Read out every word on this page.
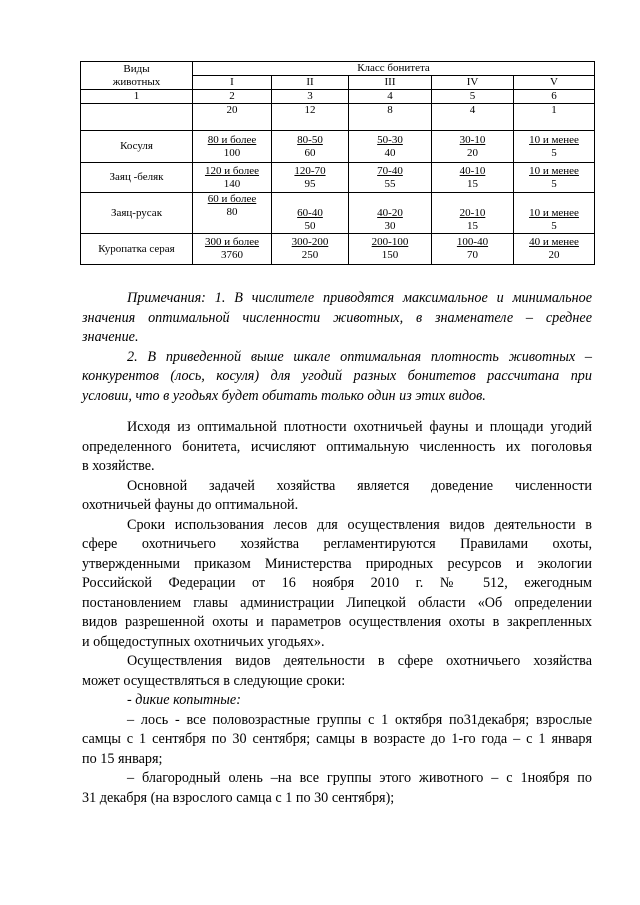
Виды
животных	Класс бонитета				
	I	II	III	IV	V
1	2	3	4	5	6
	20	12	8	4	1
Косуля	$\frac{\text{80 и более}}{100}$	$\frac{80-50}{60}$	$\frac{50-30}{40}$	$\frac{30-10}{20}$	$\frac{\text{10 и менее}}{5}$

Заяц -беляк	$\frac{\text{120 и более}}{140}$	$\frac{120-70}{95}$	$\frac{70-40}{55}$	$\frac{40-10}{15}$	$\frac{\text{10 и менее}}{5}$

Заяц-русак	$\frac{\text{60 и более}}{80}$	$\frac{60-40}{50}$	$\frac{40-20}{30}$	$\frac{20-10}{15}$	$\frac{\text{10 и менее}}{5}$

Куропатка серая	$\frac{\text{300 и более}}{3760}$	$\frac{300-200}{250}$	$\frac{200-100}{150}$	$\frac{100-40}{70}$	$\frac{\text{40 и менее}}{20}$
Примечания: 1. В числителе приводятся максимальное и минимальное
значения оптимальной численности животных, в знаменателе – среднее
значение.
2. В приведенной выше шкале оптимальная плотность животных –
конкурентов (лось, косуля) для угодий разных бонитетов рассчитана при
условии, что в угодьях будет обитать только один из этих видов.
Исходя из оптимальной плотности охотничьей фауны и площади угодий
определенного бонитета, исчисляют оптимальную численность их поголовья
в хозяйстве.
Основной задачей хозяйства является доведение численности
охотничьей фауны до оптимальной.
Сроки использования лесов для осуществления видов деятельности в
сфере охотничьего хозяйства регламентируются Правилами охоты,
утвержденными приказом Министерства природных ресурсов и экологии
Российской Федерации от 16 ноября 2010 г. № 512, ежегодным
постановлением главы администрации Липецкой области «Об определении
видов разрешенной охоты и параметров осуществления охоты в закрепленных
и общедоступных охотничьих угодьях».
Осуществления видов деятельности в сфере охотничьего хозяйства
может осуществляться в следующие сроки:
- дикие копытные:
– лось - все половозрастные группы с 1 октября по31декабря; взрослые
самцы с 1 сентября по 30 сентября; самцы в возрасте до 1-го года – с 1 января
по 15 января;
– благородный олень –на все группы этого животного – с 1ноября по
31 декабря (на взрослого самца с 1 по 30 сентября);
